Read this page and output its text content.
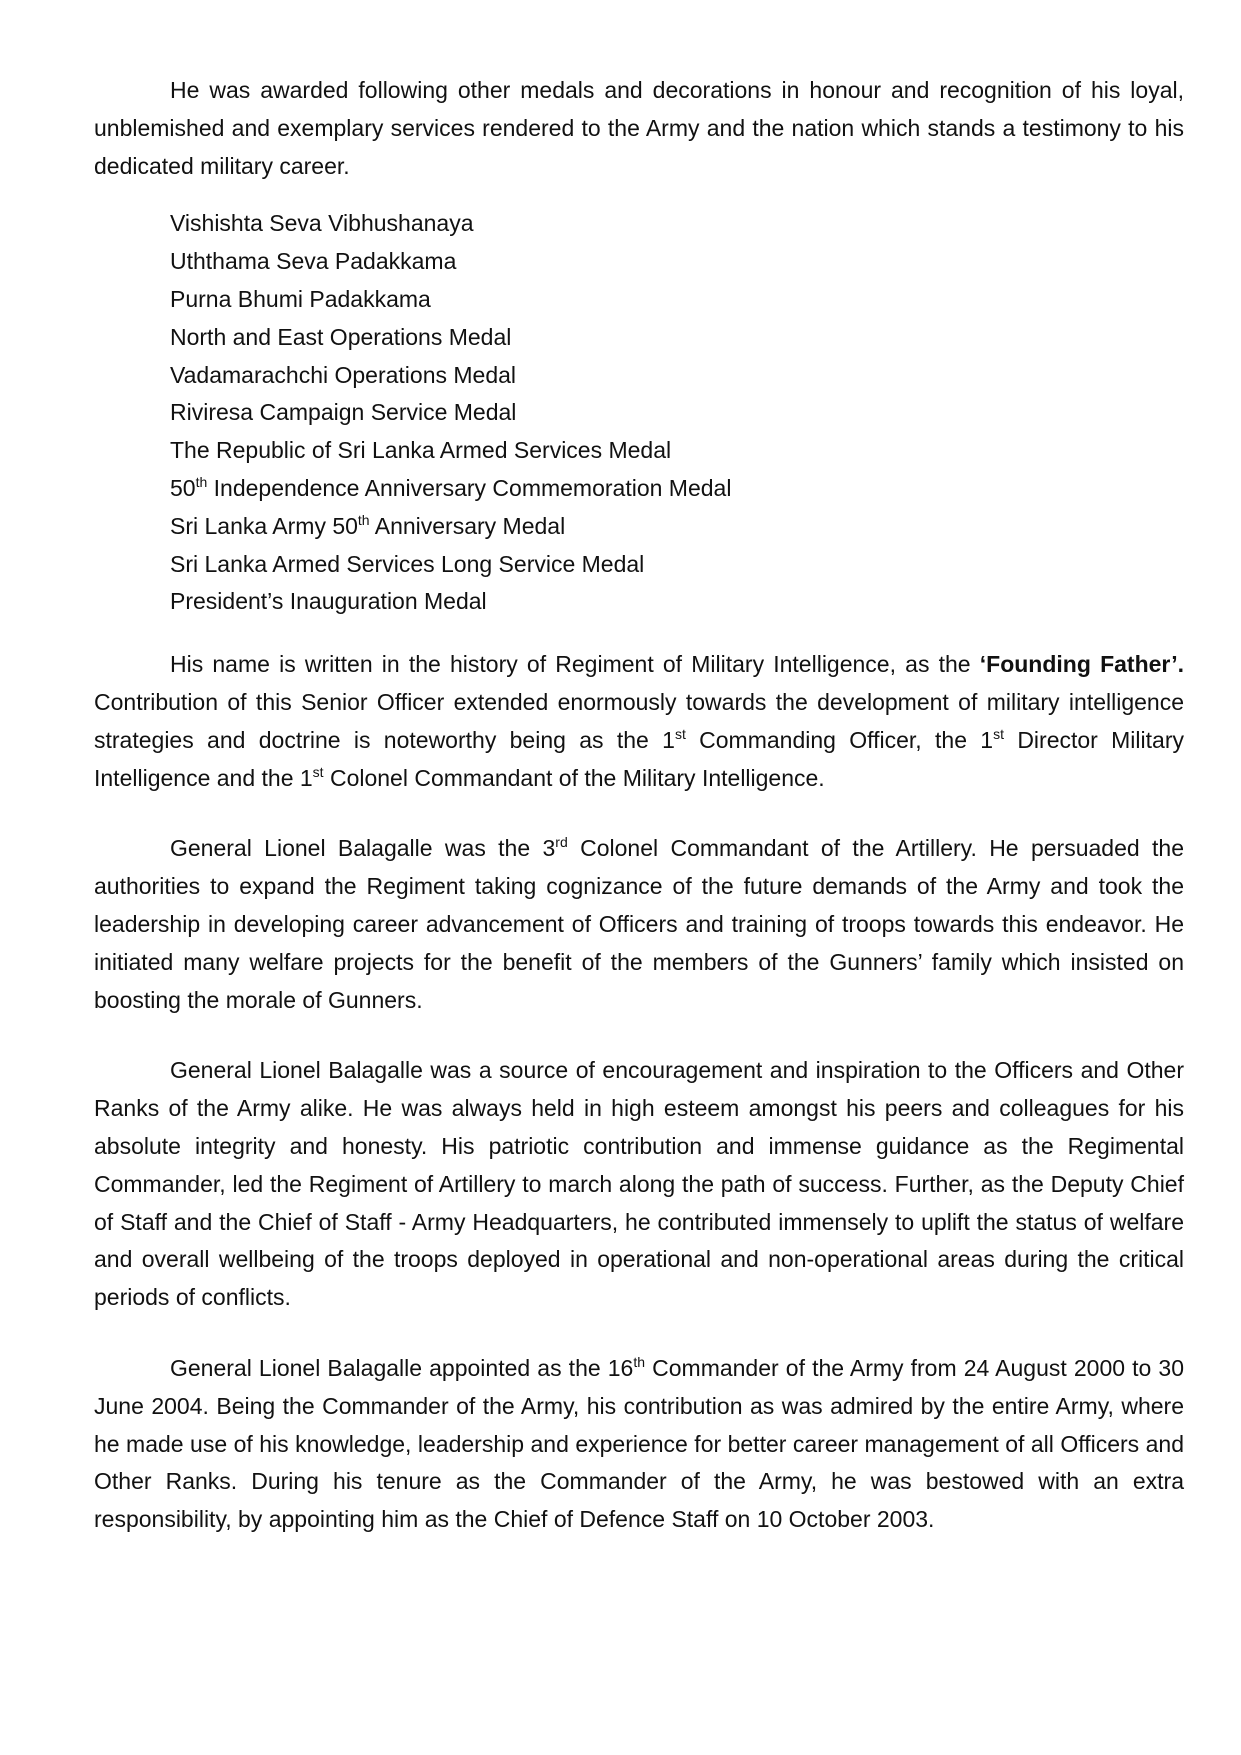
He was awarded following other medals and decorations in honour and recognition of his loyal, unblemished and exemplary services rendered to the Army and the nation which stands a testimony to his dedicated military career.

Vishishta Seva Vibhushanaya
Uththama Seva Padakkama
Purna Bhumi Padakkama
North and East Operations Medal
Vadamarachchi Operations Medal
Riviresa Campaign Service Medal
The Republic of Sri Lanka Armed Services Medal
50th Independence Anniversary Commemoration Medal
Sri Lanka Army 50th Anniversary Medal
Sri Lanka Armed Services Long Service Medal
President’s Inauguration Medal

His name is written in the history of Regiment of Military Intelligence, as the ‘Founding Father’. Contribution of this Senior Officer extended enormously towards the development of military intelligence strategies and doctrine is noteworthy being as the 1st Commanding Officer, the 1st Director Military Intelligence and the 1st Colonel Commandant of the Military Intelligence.

General Lionel Balagalle was the 3rd Colonel Commandant of the Artillery. He persuaded the authorities to expand the Regiment taking cognizance of the future demands of the Army and took the leadership in developing career advancement of Officers and training of troops towards this endeavor. He initiated many welfare projects for the benefit of the members of the Gunners’ family which insisted on boosting the morale of Gunners.

General Lionel Balagalle was a source of encouragement and inspiration to the Officers and Other Ranks of the Army alike. He was always held in high esteem amongst his peers and colleagues for his absolute integrity and honesty. His patriotic contribution and immense guidance as the Regimental Commander, led the Regiment of Artillery to march along the path of success. Further, as the Deputy Chief of Staff and the Chief of Staff - Army Headquarters, he contributed immensely to uplift the status of welfare and overall wellbeing of the troops deployed in operational and non-operational areas during the critical periods of conflicts.

General Lionel Balagalle appointed as the 16th Commander of the Army from 24 August 2000 to 30 June 2004. Being the Commander of the Army, his contribution as was admired by the entire Army, where he made use of his knowledge, leadership and experience for better career management of all Officers and Other Ranks. During his tenure as the Commander of the Army, he was bestowed with an extra responsibility, by appointing him as the Chief of Defence Staff on 10 October 2003.
